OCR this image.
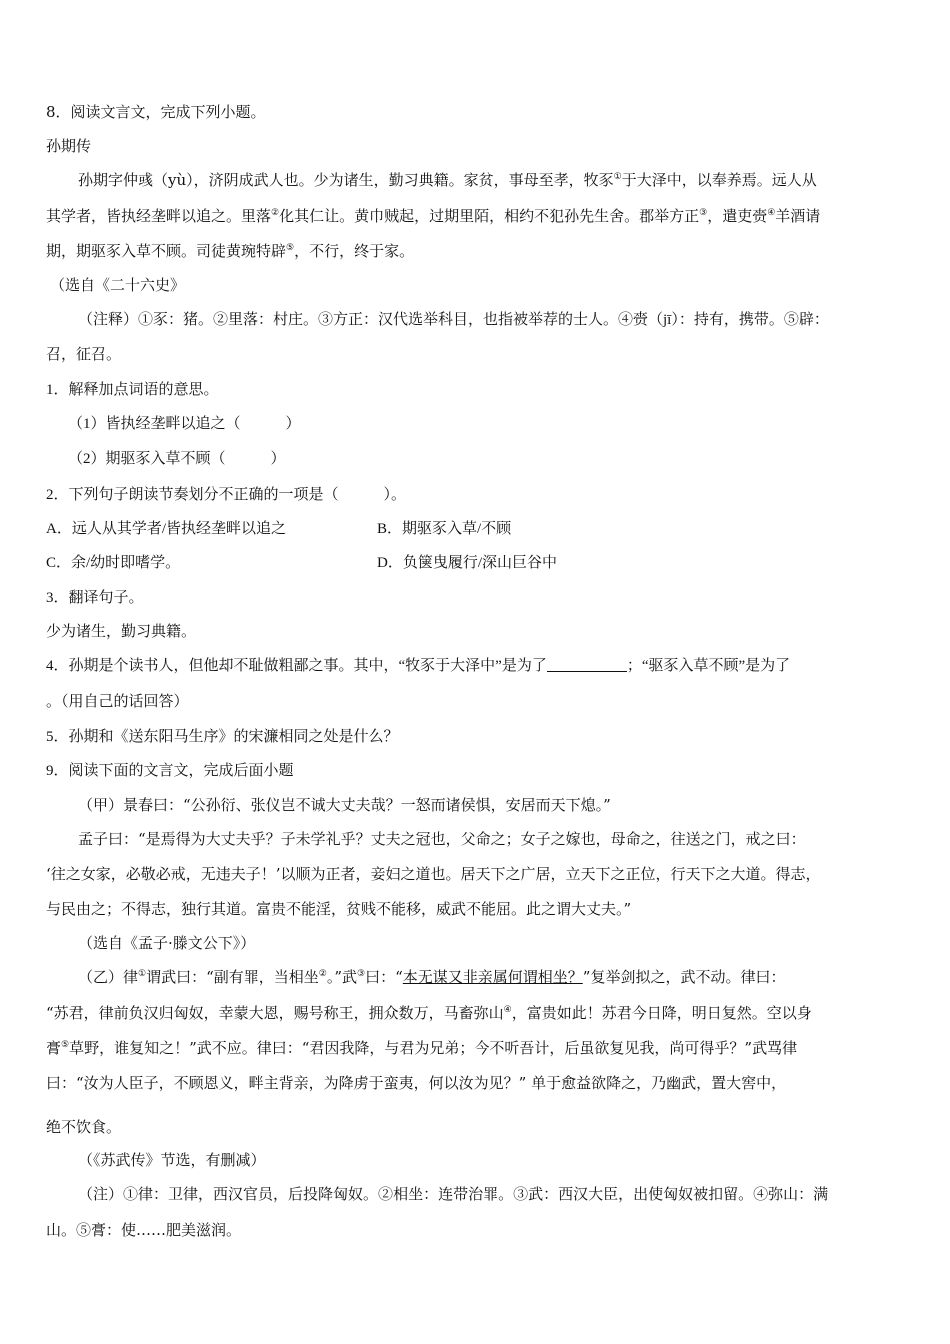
8．阅读文言文，完成下列小题。
孙期传
孙期字仲彧（yù），济阴成武人也。少为诸生，勤习典籍。家贫，事母至孝，牧豕①于大泽中，以奉养焉。远人从
其学者，皆执经垄畔以追之。里落②化其仁让。黄巾贼起，过期里陌，相约不犯孙先生舍。郡举方正③，遣吏赍④羊酒请
期，期驱豕入草不顾。司徒黄琬特辟⑤，不行，终于家。
（选自《二十六史》
（注释）①豕：猪。②里落：村庄。③方正：汉代选举科目，也指被举荐的士人。④赍（jī）：持有，携带。⑤辟：
召，征召。
1．解释加点词语的意思。
（1）皆执经垄畔以追之（　　　）
（2）期驱豕入草不顾（　　　）
2．下列句子朗读节奏划分不正确的一项是（　　　）。
A．远人从其学者/皆执经垄畔以追之	B．期驱豕入草/不顾
C．余/幼时即嗜学。	D．负箧曳履行/深山巨谷中
3．翻译句子。
少为诸生，勤习典籍。
4．孙期是个读书人，但他却不耻做粗鄙之事。其中，“牧豕于大泽中”是为了	；“驱豕入草不顾”是为了
。（用自己的话回答）
5．孙期和《送东阳马生序》的宋濂相同之处是什么？
9．阅读下面的文言文，完成后面小题
（甲）景春曰：“公孙衍、张仪岂不诚大丈夫哉？一怒而诸侯惧，安居而天下熄。”
孟子曰：“是焉得为大丈夫乎？子未学礼乎？丈夫之冠也，父命之；女子之嫁也，母命之，往送之门，戒之曰：
‘往之女家，必敬必戒，无违夫子！’以顺为正者，妾妇之道也。居天下之广居，立天下之正位，行天下之大道。得志，
与民由之；不得志，独行其道。富贵不能淫，贫贱不能移，威武不能屈。此之谓大丈夫。”
（选自《孟子·滕文公下》）
（乙）律①谓武曰：“副有罪，当相坐②。”武③曰：“本无谋又非亲属何谓相坐？”复举剑拟之，武不动。律曰：
“苏君，律前负汉归匈奴，幸蒙大恩，赐号称王，拥众数万，马畜弥山④，富贵如此！苏君今日降，明日复然。空以身
膏⑤草野，谁复知之！”武不应。律曰：“君因我降，与君为兄弟；今不听吾计，后虽欲复见我，尚可得乎？”武骂律
曰：“汝为人臣子，不顾恩义，畔主背亲，为降虏于蛮夷，何以汝为见？” 单于愈益欲降之，乃幽武，置大窖中，
绝不饮食。
（《苏武传》节选，有删减）
（注）①律：卫律，西汉官员，后投降匈奴。②相坐：连带治罪。③武：西汉大臣，出使匈奴被扣留。④弥山：满
山。⑤膏：使……肥美滋润。
